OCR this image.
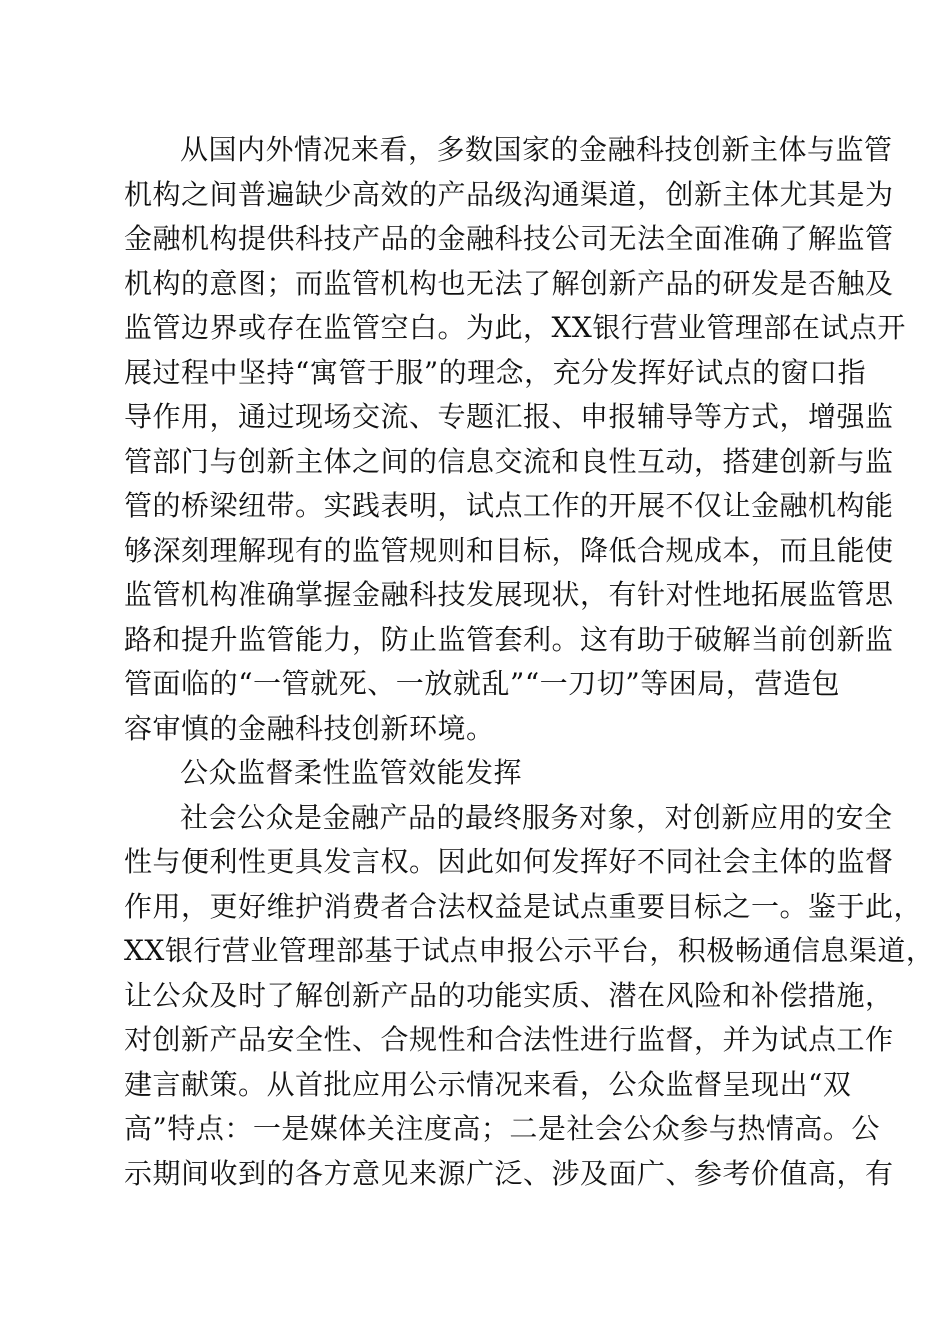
从国内外情况来看，多数国家的金融科技创新主体与监管
机构之间普遍缺少高效的产品级沟通渠道，创新主体尤其是为
金融机构提供科技产品的金融科技公司无法全面准确了解监管
机构的意图；而监管机构也无法了解创新产品的研发是否触及
监管边界或存在监管空白。为此，XX银行营业管理部在试点开
展过程中坚持“寓管于服”的理念，充分发挥好试点的窗口指
导作用，通过现场交流、专题汇报、申报辅导等方式，增强监
管部门与创新主体之间的信息交流和良性互动，搭建创新与监
管的桥梁纽带。实践表明，试点工作的开展不仅让金融机构能
够深刻理解现有的监管规则和目标，降低合规成本，而且能使
监管机构准确掌握金融科技发展现状，有针对性地拓展监管思
路和提升监管能力，防止监管套利。这有助于破解当前创新监
管面临的“一管就死、一放就乱”“一刀切”等困局，营造包
容审慎的金融科技创新环境。
公众监督柔性监管效能发挥
社会公众是金融产品的最终服务对象，对创新应用的安全
性与便利性更具发言权。因此如何发挥好不同社会主体的监督
作用，更好维护消费者合法权益是试点重要目标之一。鉴于此，
XX银行营业管理部基于试点申报公示平台，积极畅通信息渠道，
让公众及时了解创新产品的功能实质、潜在风险和补偿措施，
对创新产品安全性、合规性和合法性进行监督，并为试点工作
建言献策。从首批应用公示情况来看，公众监督呈现出“双
高”特点：一是媒体关注度高；二是社会公众参与热情高。公
示期间收到的各方意见来源广泛、涉及面广、参考价值高，有
